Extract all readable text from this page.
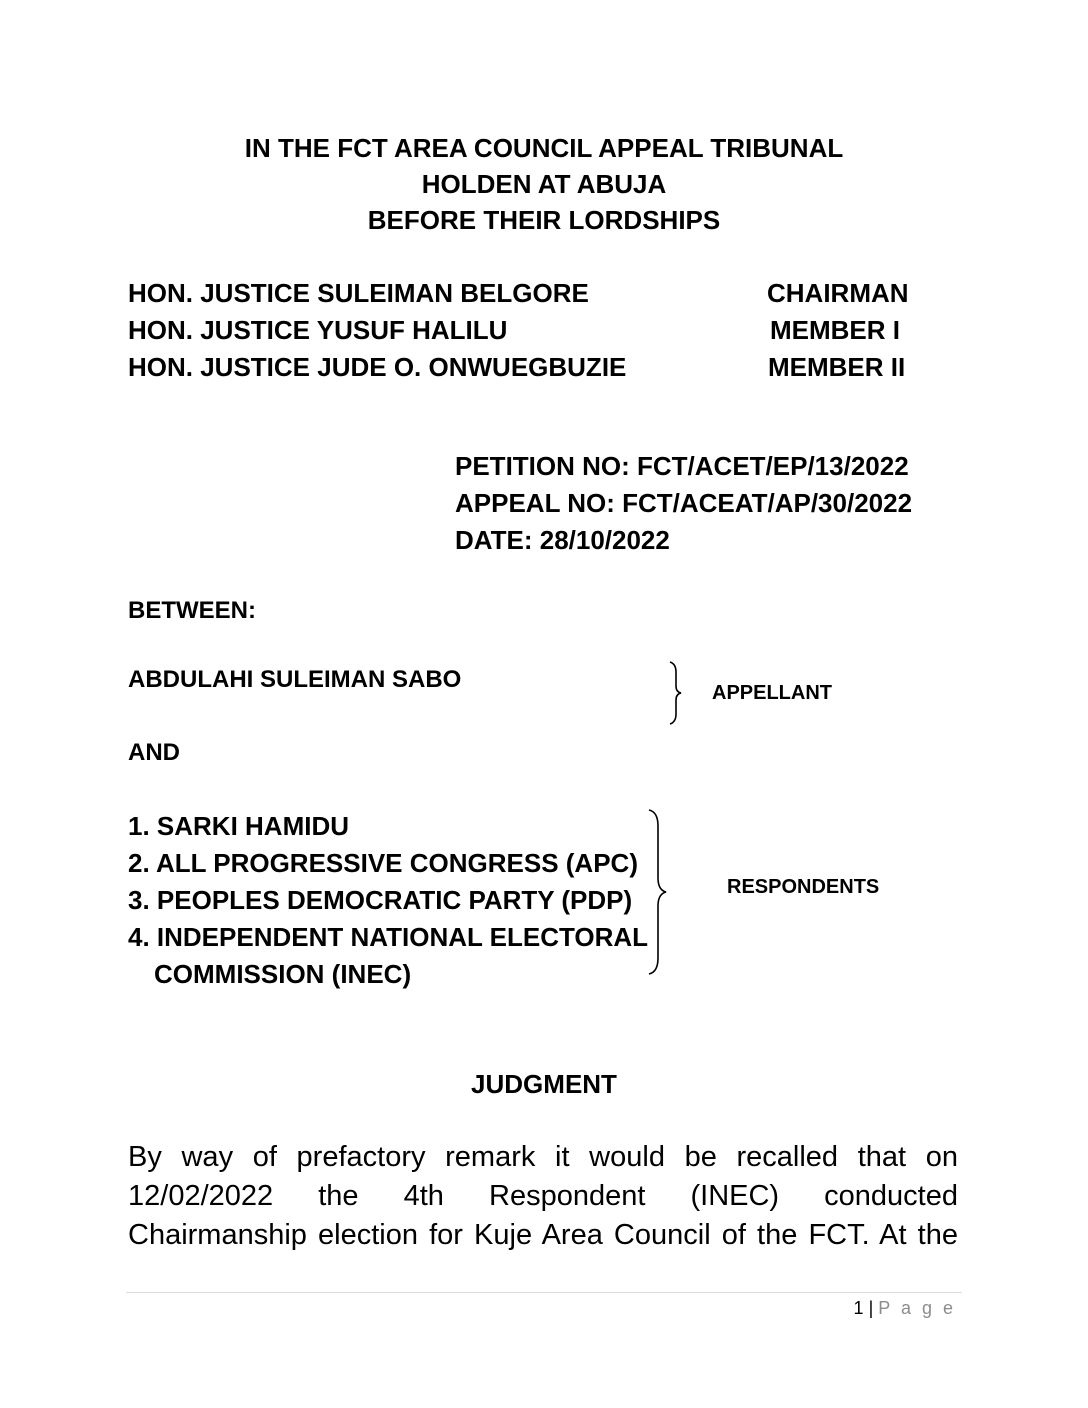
IN THE FCT AREA COUNCIL APPEAL TRIBUNAL
HOLDEN AT ABUJA
BEFORE THEIR LORDSHIPS
HON. JUSTICE SULEIMAN BELGORE	CHAIRMAN
HON. JUSTICE YUSUF HALILU	MEMBER I
HON. JUSTICE JUDE O. ONWUEGBUZIE	MEMBER II
PETITION NO: FCT/ACET/EP/13/2022
APPEAL NO: FCT/ACEAT/AP/30/2022
DATE: 28/10/2022
BETWEEN:
ABDULAHI SULEIMAN SABO	APPELLANT
AND
1. SARKI HAMIDU
2. ALL PROGRESSIVE CONGRESS (APC)
3. PEOPLES DEMOCRATIC PARTY (PDP)
4. INDEPENDENT NATIONAL ELECTORAL
COMMISSION (INEC)
RESPONDENTS
JUDGMENT
By way of prefactory remark it would be recalled that on
12/02/2022 the 4th Respondent (INEC) conducted
Chairmanship election for Kuje Area Council of the FCT. At the
1 | P a g e
